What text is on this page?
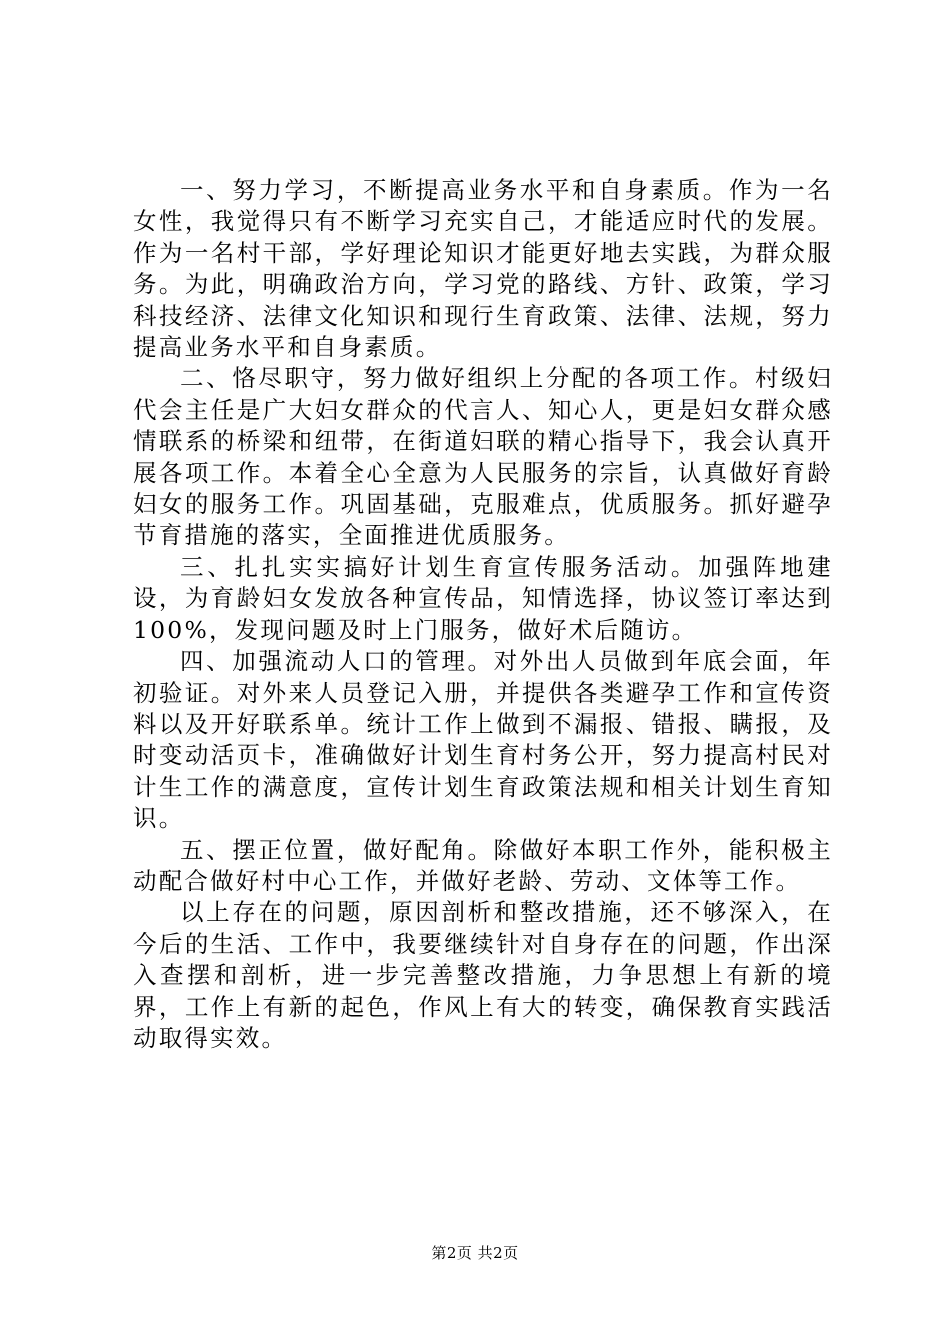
一、努力学习，不断提高业务水平和自身素质。作为一名女性，我觉得只有不断学习充实自己，才能适应时代的发展。作为一名村干部，学好理论知识才能更好地去实践，为群众服务。为此，明确政治方向，学习党的路线、方针、政策，学习科技经济、法律文化知识和现行生育政策、法律、法规，努力提高业务水平和自身素质。

二、恪尽职守，努力做好组织上分配的各项工作。村级妇代会主任是广大妇女群众的代言人、知心人，更是妇女群众感情联系的桥梁和纽带，在街道妇联的精心指导下，我会认真开展各项工作。本着全心全意为人民服务的宗旨，认真做好育龄妇女的服务工作。巩固基础，克服难点，优质服务。抓好避孕节育措施的落实，全面推进优质服务。

三、扎扎实实搞好计划生育宣传服务活动。加强阵地建设，为育龄妇女发放各种宣传品，知情选择，协议签订率达到100%，发现问题及时上门服务，做好术后随访。

四、加强流动人口的管理。对外出人员做到年底会面，年初验证。对外来人员登记入册，并提供各类避孕工作和宣传资料以及开好联系单。统计工作上做到不漏报、错报、瞒报，及时变动活页卡，准确做好计划生育村务公开，努力提高村民对计生工作的满意度，宣传计划生育政策法规和相关计划生育知识。

五、摆正位置，做好配角。除做好本职工作外，能积极主动配合做好村中心工作，并做好老龄、劳动、文体等工作。

以上存在的问题，原因剖析和整改措施，还不够深入，在今后的生活、工作中，我要继续针对自身存在的问题，作出深入查摆和剖析，进一步完善整改措施，力争思想上有新的境界，工作上有新的起色，作风上有大的转变，确保教育实践活动取得实效。

第2页 共2页
